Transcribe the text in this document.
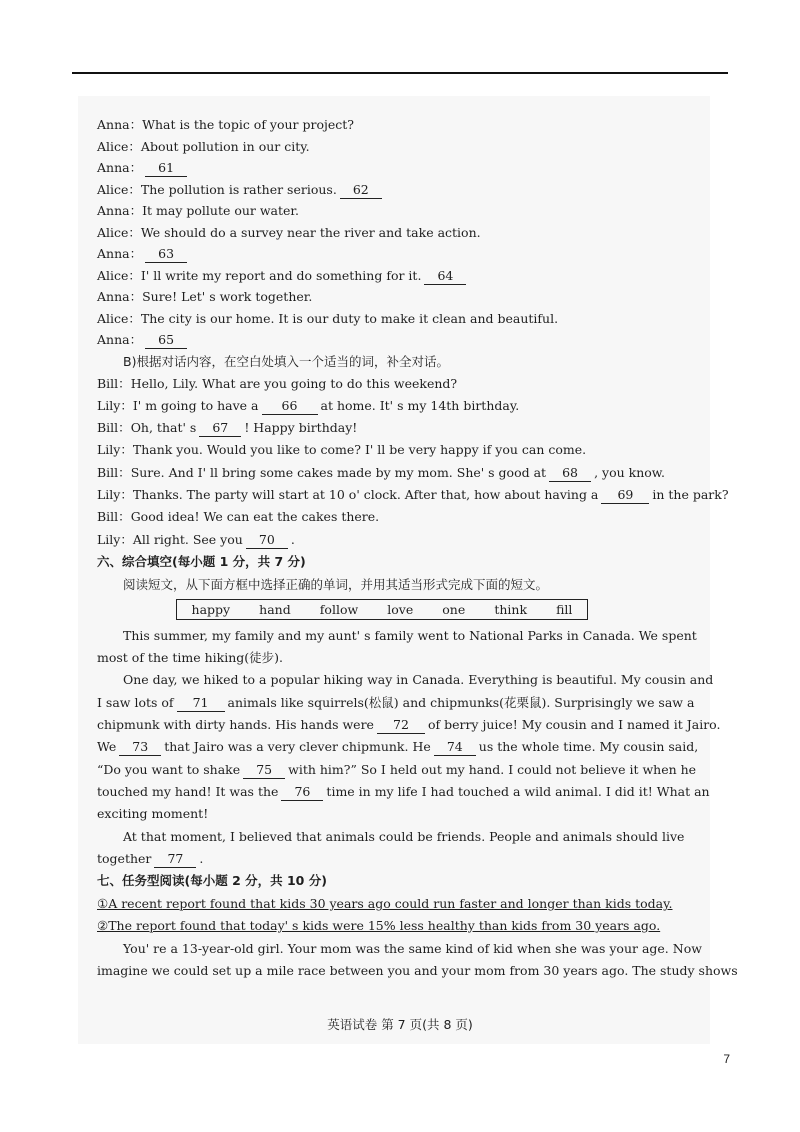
Anna：What is the topic of your project?
Alice：About pollution in our city.
Anna： 61
Alice：The pollution is rather serious. 62
Anna：It may pollute our water.
Alice：We should do a survey near the river and take action.
Anna： 63
Alice：I' ll write my report and do something for it. 64
Anna：Sure! Let' s work together.
Alice：The city is our home. It is our duty to make it clean and beautiful.
Anna： 65
B)根据对话内容，在空白处填入一个适当的词，补全对话。
Bill：Hello, Lily. What are you going to do this weekend?
Lily：I' m going to have a 66 at home. It' s my 14th birthday.
Bill：Oh, that' s 67 ! Happy birthday!
Lily：Thank you. Would you like to come? I' ll be very happy if you can come.
Bill：Sure. And I' ll bring some cakes made by my mom. She' s good at 68 , you know.
Lily：Thanks. The party will start at 10 o' clock. After that, how about having a 69 in the park?
Bill：Good idea! We can eat the cakes there.
Lily：All right. See you 70 .
六、综合填空(每小题 1 分，共 7 分)
阅读短文，从下面方框中选择正确的单词，并用其适当形式完成下面的短文。
happy hand follow love one think fill
This summer, my family and my aunt' s family went to National Parks in Canada. We spent
most of the time hiking(徒步).
One day, we hiked to a popular hiking way in Canada. Everything is beautiful. My cousin and
I saw lots of 71 animals like squirrels(松鼠) and chipmunks(花栗鼠). Surprisingly we saw a
chipmunk with dirty hands. His hands were 72 of berry juice! My cousin and I named it Jairo.
We 73 that Jairo was a very clever chipmunk. He 74 us the whole time. My cousin said,
“Do you want to shake 75 with him?” So I held out my hand. I could not believe it when he
touched my hand! It was the 76 time in my life I had touched a wild animal. I did it! What an
exciting moment!
At that moment, I believed that animals could be friends. People and animals should live
together 77 .
七、任务型阅读(每小题 2 分，共 10 分)
①A recent report found that kids 30 years ago could run faster and longer than kids today.
②The report found that today' s kids were 15% less healthy than kids from 30 years ago.
You' re a 13-year-old girl. Your mom was the same kind of kid when she was your age. Now
imagine we could set up a mile race between you and your mom from 30 years ago. The study shows
英语试卷 第 7 页(共 8 页)
7
